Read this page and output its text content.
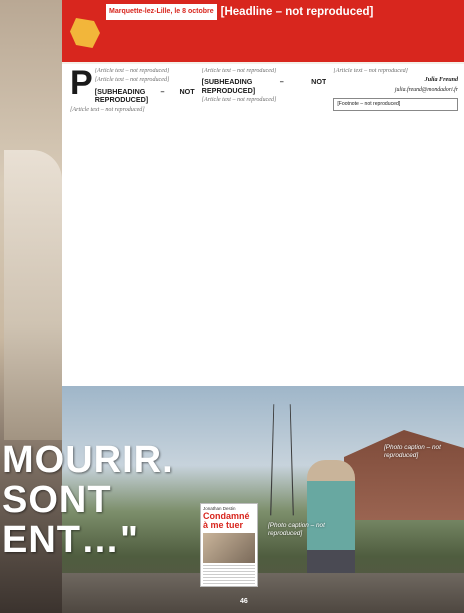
Marquette-lez-Lille, le 8 octobre [Headline – not reproduced]

P [Article text – not reproduced]

[Article text – not reproduced]

[SUBHEADING – NOT REPRODUCED]

[Article text – not reproduced]

[Article text – not reproduced]

[SUBHEADING – NOT REPRODUCED]

[Article text – not reproduced]

[Article text – not reproduced]

Julia Freund

julia.freund@mondadori.fr

[Footnote – not reproduced]
MOURIR.
SONT
ENT…"
Jonathan Destin
Condamné à me tuer
[Photo caption – not reproduced]
[Photo caption – not reproduced]
46
